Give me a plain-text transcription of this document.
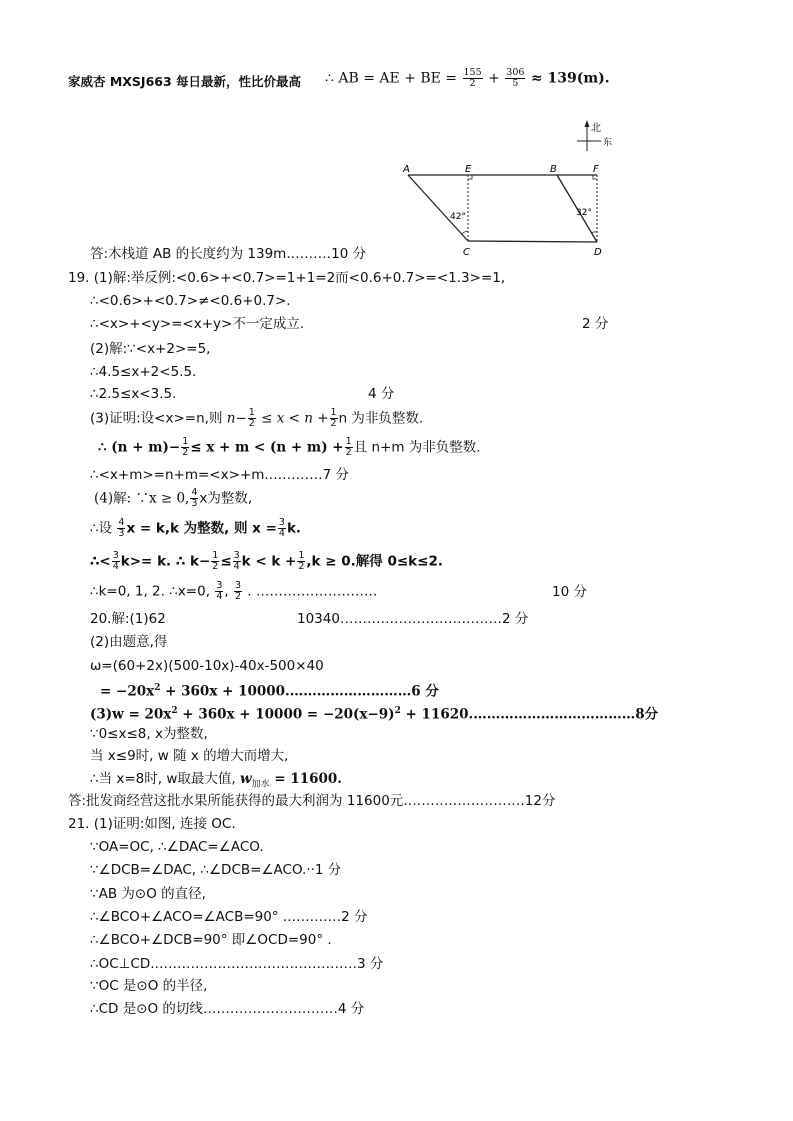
家威杏 MXSJ663 每日最新，性比价最高 ∴ AB = AE + BE = $\frac{155}{2} + \frac{306}{5} \approx 139(m)$.
北
东
A	E	B	F
C	D
42°	32°
答:木栈道 AB 的长度约为 139m.………10 分
19. (1)解:举反例:<0.6>+<0.7>=1+1=2而<0.6+0.7>=<1.3>=1,
∴<0.6>+<0.7>≠<0.6+0.7>.
∴<x>+<y>=<x+y>不一定成立.	2 分
(2)解:∵<x+2>=5,
∴4.5≤x+2<5.5.
∴2.5≤x<3.5.	4 分
(3)证明:设<x>=n,则 $n- \frac{1}{2} \le x < n + \frac{1}{2}$ n 为非负整数.
∴ $(n + m)- \frac{1}{2} \le x + m < (n + m) + \frac{1}{2}$ 且 n+m 为非负整数.
∴<x+m>=n+m=<x>+m.…………7 分
(4)解: ∵x ≥ 0, $\frac{4}{3}$ x为整数,
∴设 $\frac{4}{3}$ x = k,k 为整数, 则 $x = \frac{3}{4} k$.
∴< $\frac{3}{4} k>= k$. ∴ $k- \frac{1}{2} \le \frac{3}{4}$ $k < k + \frac{1}{2} ,k \ge 0$.解得 0≤k≤2.
∴k=0, 1, 2. ∴x=0, $\frac{3}{4}$ , $\frac{3}{2}$ . ………………………	10 分
20.解:(1)62	10340………………………………2 分
(2)由题意,得
ω=(60+2x)(500-10x)-40x-500×40
= $-20x^2 + 360x$ + 10000.………………………6 分
$(3)w = 20x^2 + 360x + 10000 = -20(x-9)^2$ + 11620.………………………………8分
∵0≤x≤8, x为整数,
当 x≤9时, w 随 x 的增大而增大,
∴当 x=8时, w取最大值, $w_{加水} = 11600$.
答:批发商经营这批水果所能获得的最大利润为 11600元………………………12分
21. (1)证明:如图, 连接 OC.
∵OA=OC, ∴∠DAC=∠ACO.
∵∠DCB=∠DAC, ∴∠DCB=∠ACO.··1 分
∵AB 为⊙O 的直径,
∴∠BCO+∠ACO=∠ACB=90° .…………2 分
∴∠BCO+∠DCB=90° 即∠OCD=90° .
∴OC⊥CD.………………………………………3 分
∵OC 是⊙O 的半径,
∴CD 是⊙O 的切线…………………………4 分
